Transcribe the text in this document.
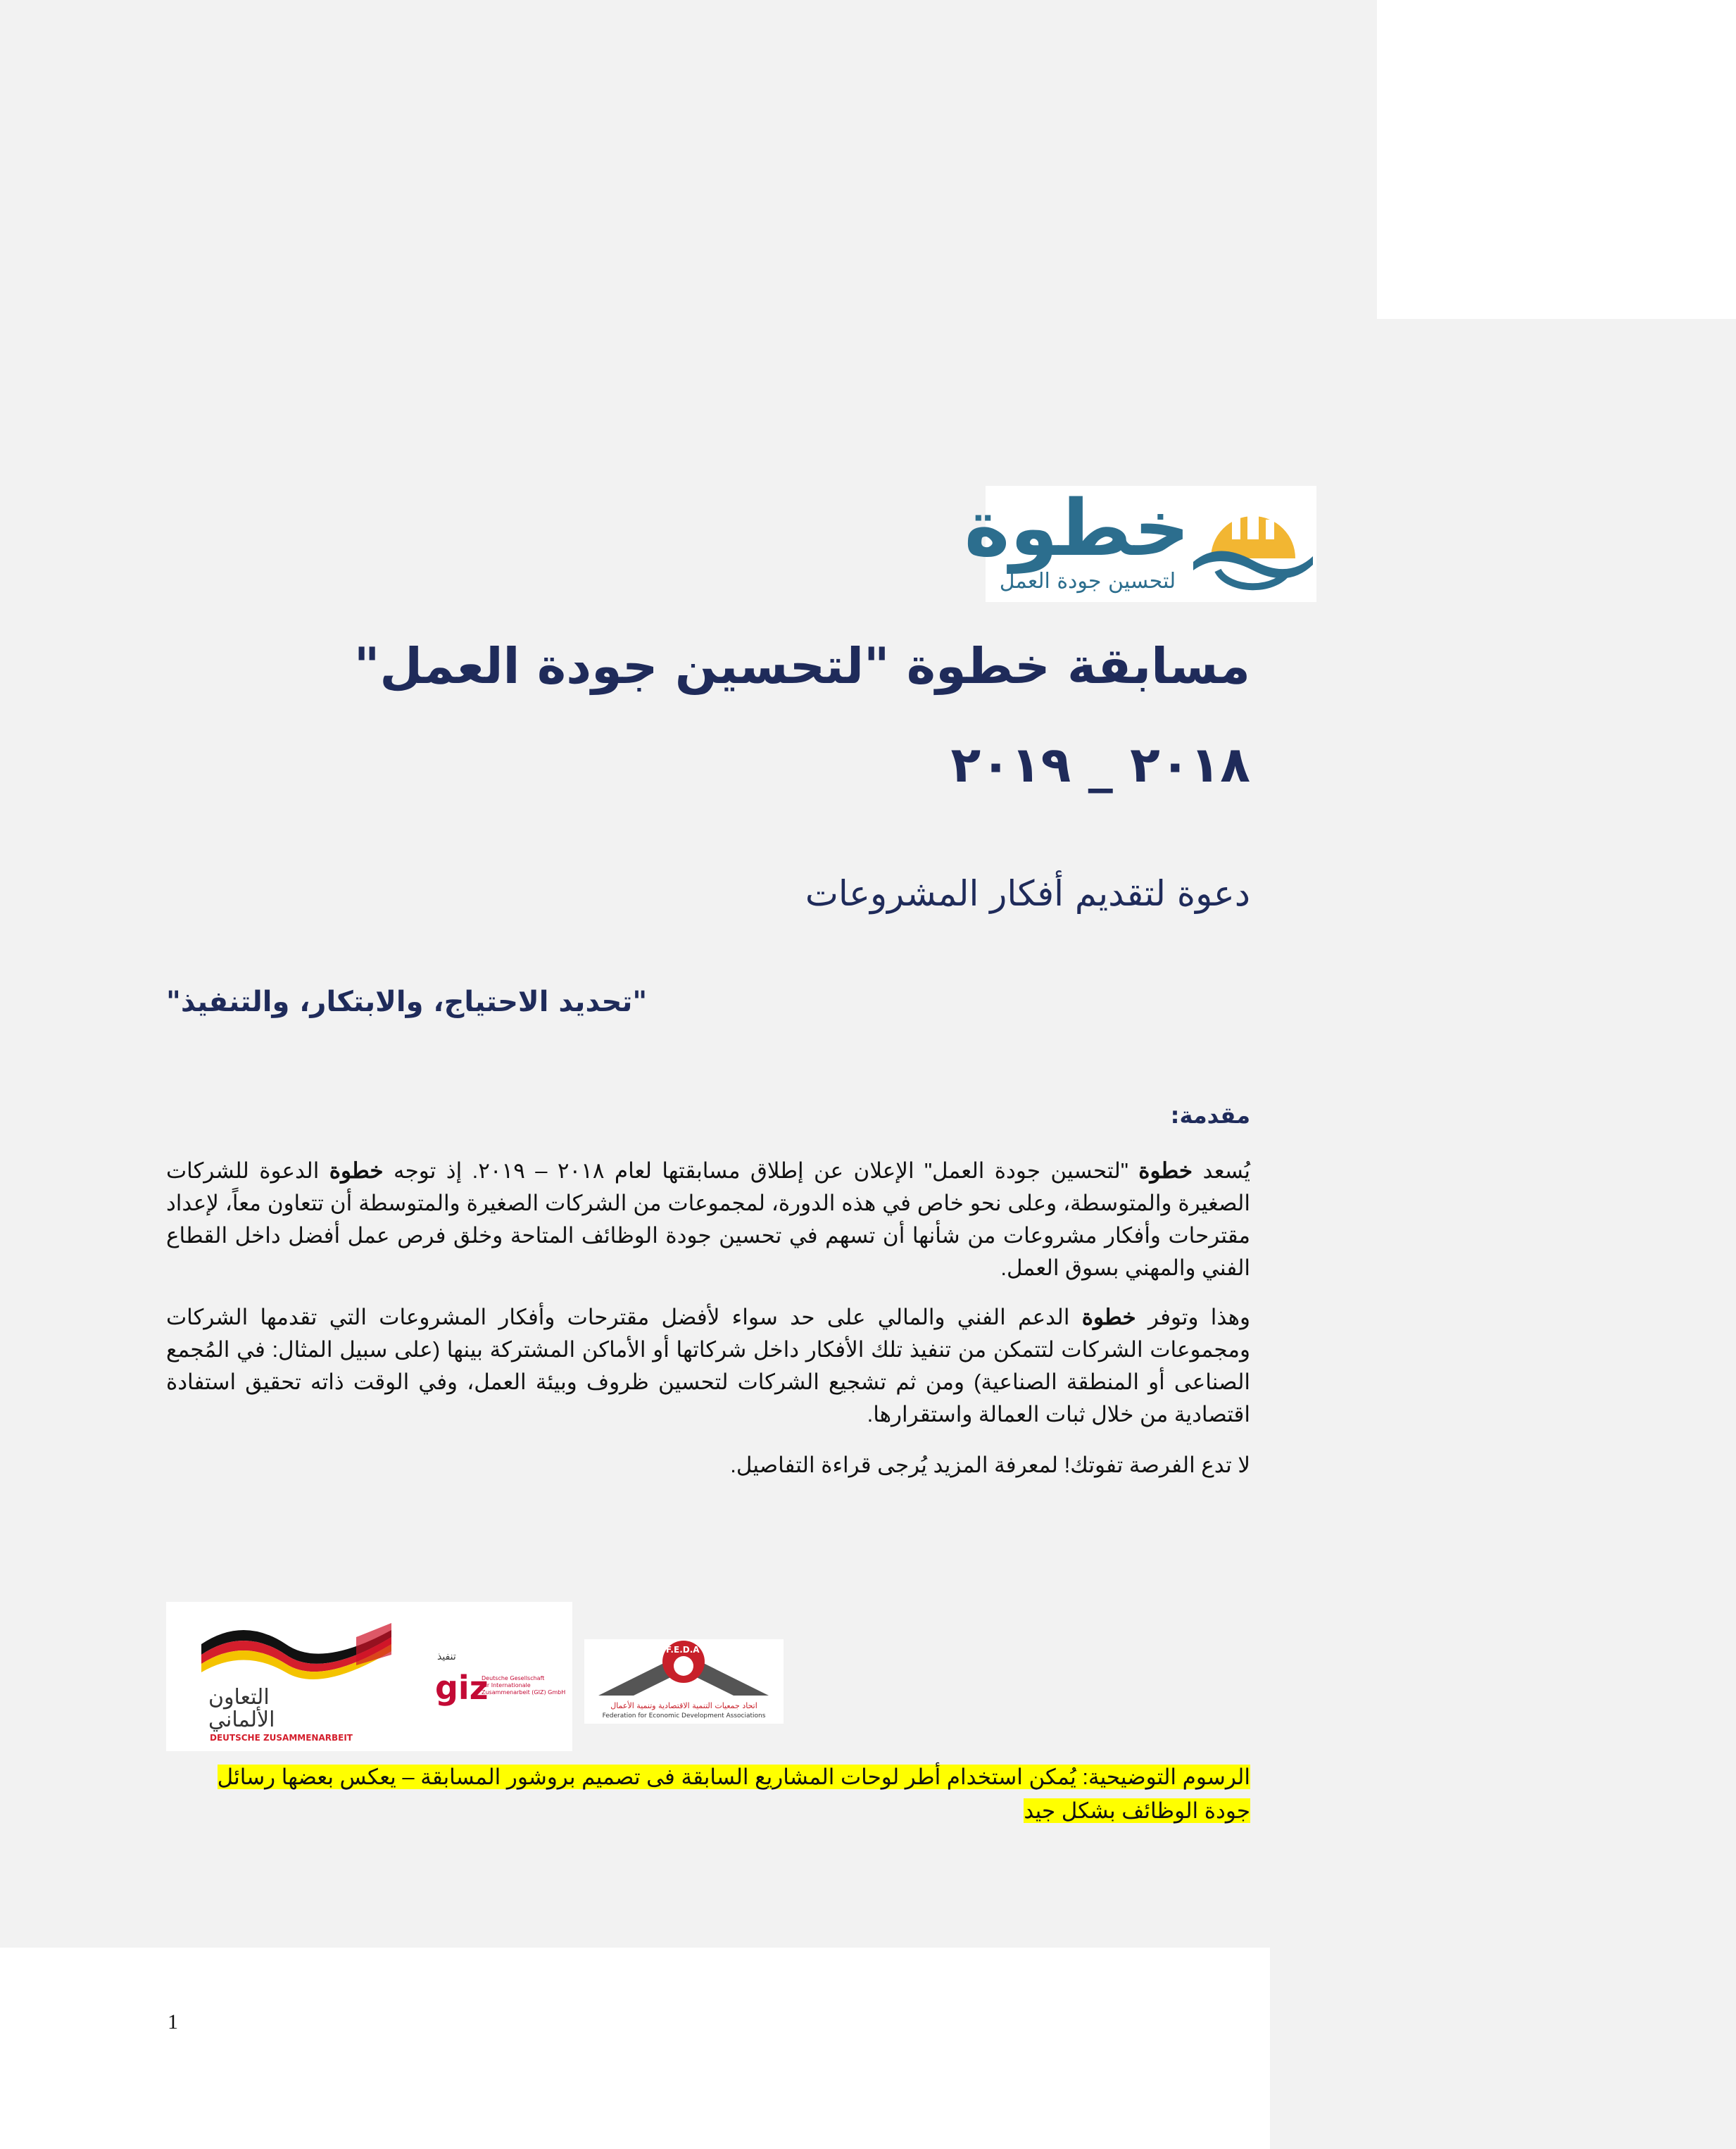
خطوة
لتحسين جودة العمل
مسابقة خطوة "لتحسين جودة العمل"
٢٠١٨ _ ٢٠١٩
دعوة لتقديم أفكار المشروعات
"تحديد الاحتياج، والابتكار، والتنفيذ"
مقدمة:
يُسعد خطوة "لتحسين جودة العمل" الإعلان عن إطلاق مسابقتها لعام ٢٠١٨ – ٢٠١٩. إذ توجه خطوة الدعوة للشركات الصغيرة والمتوسطة، وعلى نحو خاص في هذه الدورة، لمجموعات من الشركات الصغيرة والمتوسطة أن تتعاون معاً، لإعداد مقترحات وأفكار مشروعات من شأنها أن تسهم في تحسين جودة الوظائف المتاحة وخلق فرص عمل أفضل داخل القطاع الفني والمهني بسوق العمل.
وهذا وتوفر خطوة الدعم الفني والمالي على حد سواء لأفضل مقترحات وأفكار المشروعات التي تقدمها الشركات ومجموعات الشركات لتتمكن من تنفيذ تلك الأفكار داخل شركاتها أو الأماكن المشتركة بينها (على سبيل المثال: في المُجمع الصناعى أو المنطقة الصناعية) ومن ثم تشجيع الشركات لتحسين ظروف وبيئة العمل، وفي الوقت ذاته تحقيق استفادة اقتصادية من خلال ثبات العمالة واستقرارها.
لا تدع الفرصة تفوتك! لمعرفة المزيد يُرجى قراءة التفاصيل.
التعاون
الألماني
DEUTSCHE ZUSAMMENARBEIT
تنفيذ
giz
Deutsche Gesellschaft
für Internationale
Zusammenarbeit (GIZ) GmbH
F.E.D.A
اتحاد جمعيات التنمية الاقتصادية وتنمية الأعمال
Federation for Economic Development Associations
الرسوم التوضيحية: يُمكن استخدام أطر لوحات المشاريع السابقة فى تصميم بروشور المسابقة – يعكس بعضها رسائل جودة الوظائف بشكل جيد
1
